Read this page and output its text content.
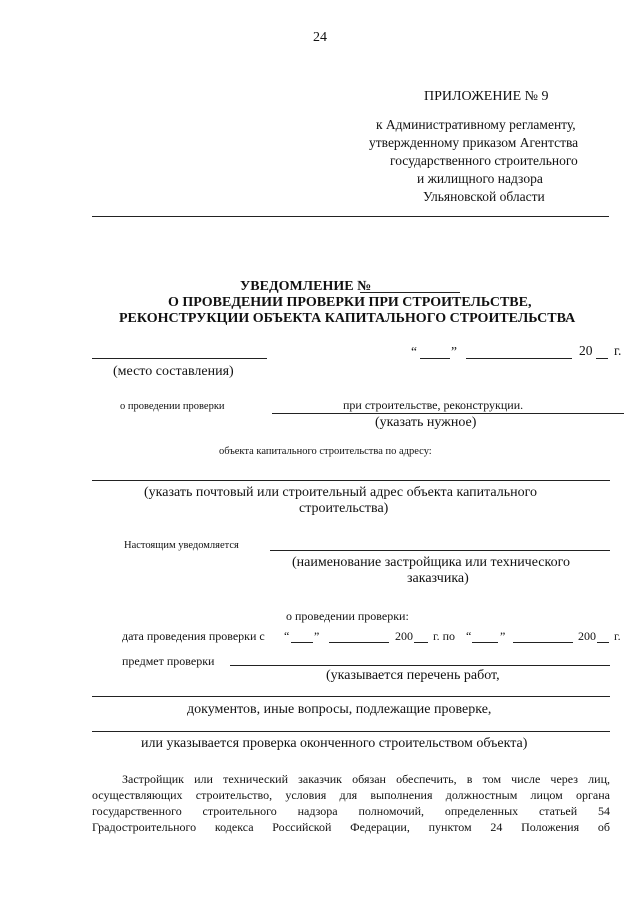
24
ПРИЛОЖЕНИЕ № 9
к Административному регламенту,
утвержденному приказом Агентства
государственного строительного
и жилищного надзора
Ульяновской области
УВЕДОМЛЕНИЕ №
О ПРОВЕДЕНИИ ПРОВЕРКИ ПРИ СТРОИТЕЛЬСТВЕ,
РЕКОНСТРУКЦИИ ОБЪЕКТА КАПИТАЛЬНОГО СТРОИТЕЛЬСТВА
“	”	20 г.
(место составления)
о проведении проверки	при строительстве, реконструкции.
(указать нужное)
объекта капитального строительства по адресу:
(указать почтовый или строительный адрес объекта капитального
строительства)
Настоящим уведомляется
(наименование застройщика или технического
заказчика)
о проведении проверки:
дата проведения проверки с “ ”	200 г. по “ ”	200 г.
предмет проверки
(указывается перечень работ,
документов, иные вопросы, подлежащие проверке,
или указывается проверка оконченного строительством объекта)
Застройщик или технический заказчик обязан обеспечить, в том числе через лиц,
осуществляющих строительство, условия для выполнения должностным лицом органа
государственного строительного надзора полномочий, определенных статьей 54
Градостроительного кодекса Российской Федерации, пунктом 24 Положения об
